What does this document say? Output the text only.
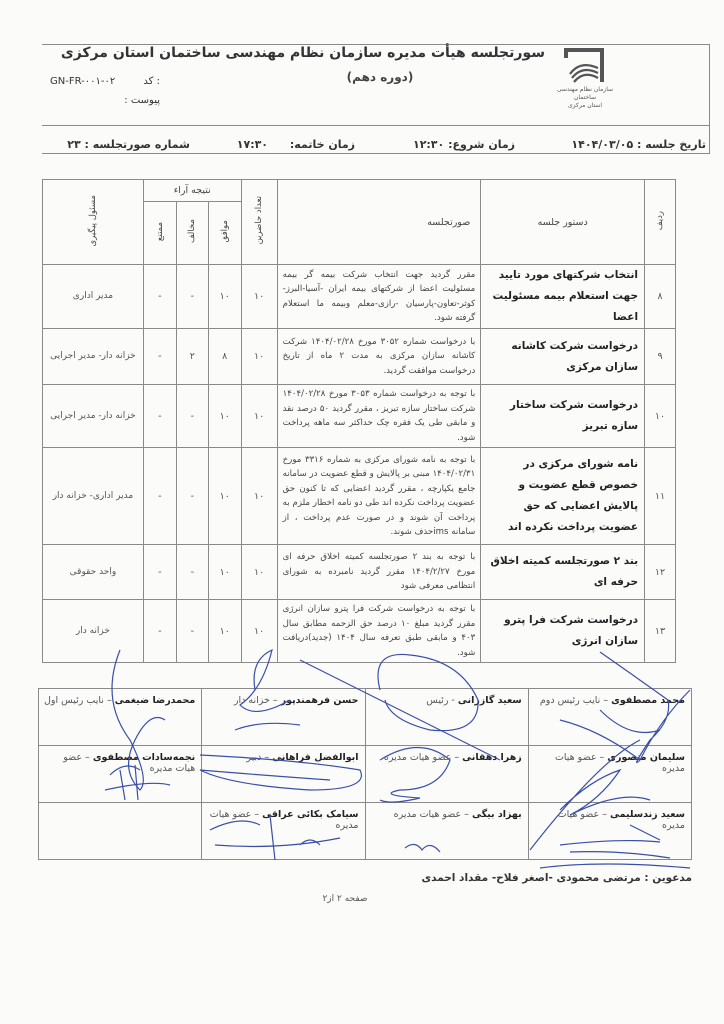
سازمان نظام مهندسی ساختمان
استان مرکزی
سورتجلسه هیأت مدیره سازمان نظام مهندسی ساختمان استان مرکزی
(دوره دهم)
کد :
GN-FR-۰۰۱-۰۲
پیوست :
تاریخ جلسه : ۱۴۰۴/۰۳/۰۵
زمان شروع: ۱۲:۳۰
زمان خاتمه: ۱۷:۳۰
شماره صورتجلسه : ۲۳
ردیف	دستور جلسه	صورتجلسه	تعداد حاضرین	نتیجه آراء			مسئول پیگیری
				موافق	مخالف	ممتنع	
۸	انتخاب شرکتهای مورد تایید جهت استعلام بیمه مسئولیت اعضا	مقرر گردید جهت انتخاب شرکت بیمه گر بیمه مسئولیت اعضا از شرکتهای بیمه ایران -آسیا-البرز-کوثر-تعاون-پارسیان -رازی-معلم وبیمه ما استعلام گرفته شود.	۱۰	۱۰	-	-	مدیر اداری
۹	درخواست شرکت کاشانه سازان مرکزی	با درخواست شماره ۳۰۵۲ مورخ ۱۴۰۴/۰۲/۲۸ شرکت کاشانه سازان مرکزی به مدت ۲ ماه از تاریخ درخواست موافقت گردید.	۱۰	۸	۲	-	خزانه دار- مدیر اجرایی
۱۰	درخواست شرکت ساختار سازه تبریز	با توجه به درخواست شماره ۳۰۵۳ مورخ ۱۴۰۴/۰۲/۲۸ شرکت ساختار سازه تبریز ، مقرر گردید ۵۰ درصد نقد و مابقی طی یک فقره چک حداکثر سه ماهه پرداخت شود.	۱۰	۱۰	-	-	خزانه دار- مدیر اجرایی
۱۱	نامه شورای مرکزی در خصوص قطع عضویت و پالایش اعضایی که حق عضویت پرداخت نکرده اند	با توجه به نامه شورای مرکزی به شماره ۳۳۱۶ مورخ ۱۴۰۴/۰۲/۳۱ مبنی بر پالایش و قطع عضویت در سامانه جامع یکپارچه ، مقرر گردید اعضایی که تا کنون حق عضویت پرداخت نکرده اند طی دو نامه اخطار ملزم به پرداخت آن شوند و در صورت عدم پرداخت ، از سامانه imsحذف شوند.	۱۰	۱۰	-	-	مدیر اداری- خزانه دار
۱۲	بند ۲ صورتجلسه کمیته اخلاق حرفه ای	با توجه به بند ۲ صورتجلسه کمیته اخلاق حرفه ای مورخ ۱۴۰۴/۲/۲۷ مقرر گردید نامبرده به شورای انتظامی معرفی شود	۱۰	۱۰	-	-	واحد حقوقی
۱۳	درخواست شرکت فرا پترو سازان انرژی	با توجه به درخواست شرکت فرا پترو سازان انرژی مقرر گردید مبلغ ۱۰ درصد حق الزحمه مطابق سال ۴۰۳ و مابقی طبق تعرفه سال ۱۴۰۴ (جدید)دریافت شود.	۱۰	۱۰	-	-	خزانه دار
محمد مصطفوی – نایب رئیس دوم	سعید گازرانی - رئیس	حسن فرهمندپور – خزانه دار	محمدرضا ضیغمی – نایب رئیس اول
سلیمان منصوری – عضو هیات مدیره	زهرا دهقانی – عضو هیات مدیره	ابوالفضل فراهانی – دبیر	نجمه‌سادات مصطفوی – عضو هیات مدیره
سعید زندسلیمی – عضو هیات مدیره	بهزاد بیگی – عضو هیات مدیره	سیامک بکائی عراقی – عضو هیات مدیره	
مدعوین : مرتضی محمودی -اصغر فلاح- مقداد احمدی
صفحه ۲ از۲
